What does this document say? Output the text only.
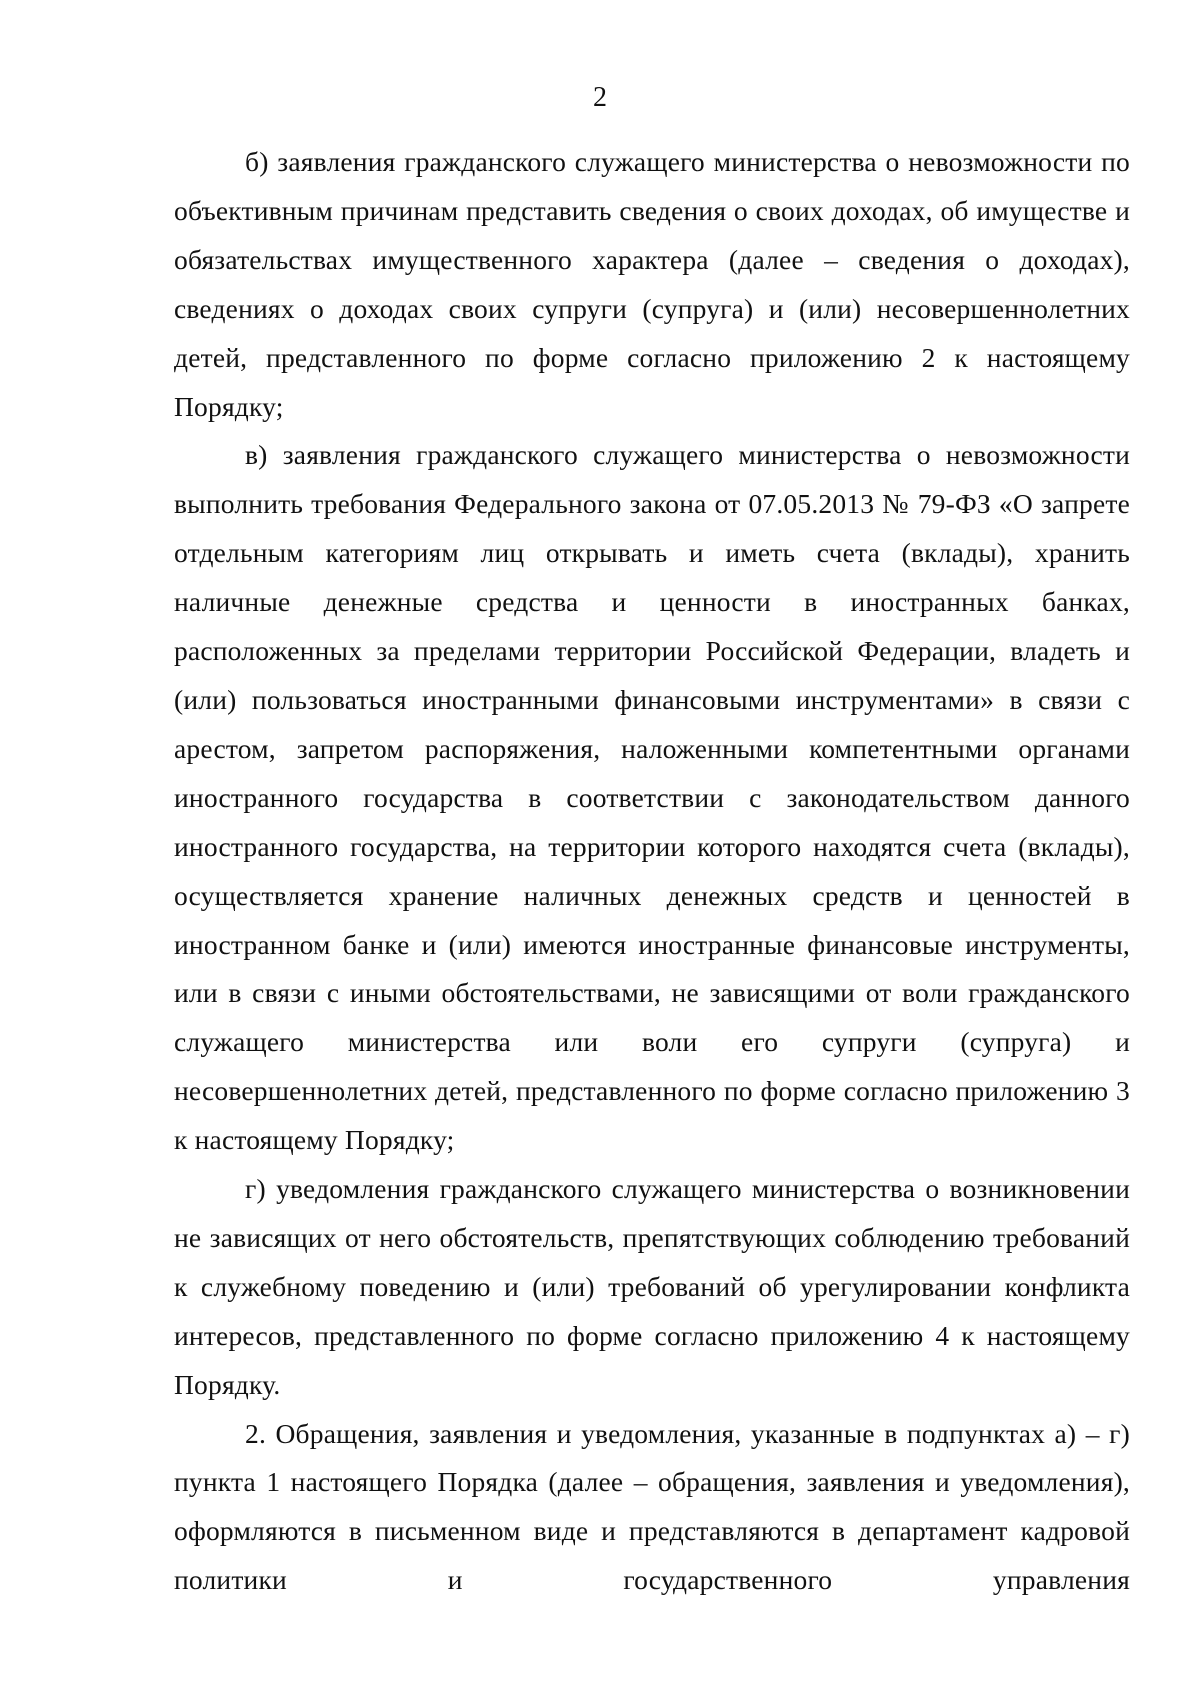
2

б) заявления гражданского служащего министерства о невозможности по объективным причинам представить сведения о своих доходах, об имуществе и обязательствах имущественного характера (далее – сведения о доходах), сведениях о доходах своих супруги (супруга) и (или) несовершеннолетних детей, представленного по форме согласно приложению 2 к настоящему Порядку;

в) заявления гражданского служащего министерства о невозможности выполнить требования Федерального закона от 07.05.2013 № 79-ФЗ «О запрете отдельным категориям лиц открывать и иметь счета (вклады), хранить наличные денежные средства и ценности в иностранных банках, расположенных за пределами территории Российской Федерации, владеть и (или) пользоваться иностранными финансовыми инструментами» в связи с арестом, запретом распоряжения, наложенными компетентными органами иностранного государства в соответствии с законодательством данного иностранного государства, на территории которого находятся счета (вклады), осуществляется хранение наличных денежных средств и ценностей в иностранном банке и (или) имеются иностранные финансовые инструменты, или в связи с иными обстоятельствами, не зависящими от воли гражданского служащего министерства или воли его супруги (супруга) и несовершеннолетних детей, представленного по форме согласно приложению 3 к настоящему Порядку;

г) уведомления гражданского служащего министерства о возникновении не зависящих от него обстоятельств, препятствующих соблюдению требований к служебному поведению и (или) требований об урегулировании конфликта интересов, представленного по форме согласно приложению 4 к настоящему Порядку.

2. Обращения, заявления и уведомления, указанные в подпунктах а) – г) пункта 1 настоящего Порядка (далее – обращения, заявления и уведомления), оформляются в письменном виде и представляются в департамент кадровой политики и государственного управления
